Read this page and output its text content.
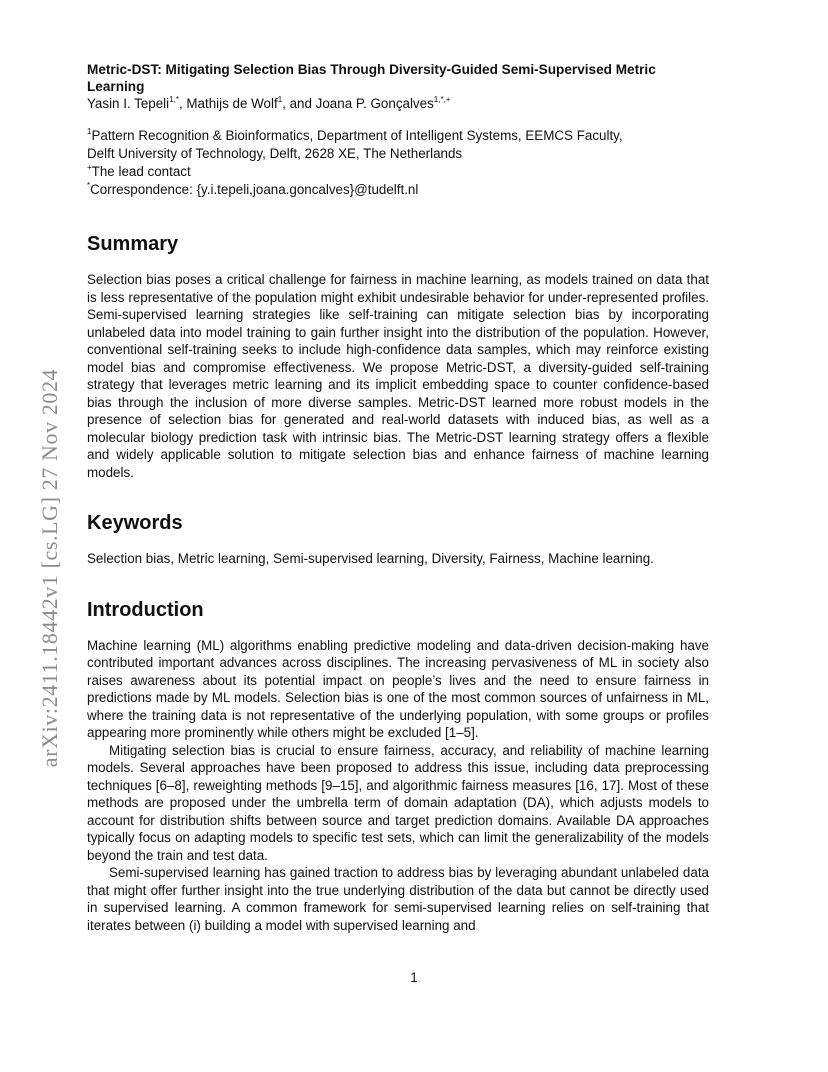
arXiv:2411.18442v1 [cs.LG] 27 Nov 2024
Metric-DST: Mitigating Selection Bias Through Diversity-Guided Semi-Supervised Metric Learning

Yasin I. Tepeli$^{1,*}$, Mathijs de Wolf$^1$, and Joana P. Gonçalves$^{1,*,+}$

$^1$Pattern Recognition & Bioinformatics, Department of Intelligent Systems, EEMCS Faculty,

Delft University of Technology, Delft, 2628 XE, The Netherlands

+The lead contact

*Correspondence: {y.i.tepeli,joana.goncalves}@tudelft.nl

Summary

Selection bias poses a critical challenge for fairness in machine learning, as models trained on data that is less representative of the population might exhibit undesirable behavior for under-represented profiles. Semi-supervised learning strategies like self-training can mitigate selection bias by incorporating unlabeled data into model training to gain further insight into the distribution of the population. However, conventional self-training seeks to include high-confidence data samples, which may reinforce existing model bias and compromise effectiveness. We propose Metric-DST, a diversity-guided self-training strategy that leverages metric learning and its implicit embedding space to counter confidence-based bias through the inclusion of more diverse samples. Metric-DST learned more robust models in the presence of selection bias for generated and real-world datasets with induced bias, as well as a molecular biology prediction task with intrinsic bias. The Metric-DST learning strategy offers a flexible and widely applicable solution to mitigate selection bias and enhance fairness of machine learning models.

Keywords

Selection bias, Metric learning, Semi-supervised learning, Diversity, Fairness, Machine learning.

Introduction

Machine learning (ML) algorithms enabling predictive modeling and data-driven decision-making have contributed important advances across disciplines. The increasing pervasiveness of ML in society also raises awareness about its potential impact on people’s lives and the need to ensure fairness in predictions made by ML models. Selection bias is one of the most common sources of unfairness in ML, where the training data is not representative of the underlying population, with some groups or profiles appearing more prominently while others might be excluded [1–5].

Mitigating selection bias is crucial to ensure fairness, accuracy, and reliability of machine learning models. Several approaches have been proposed to address this issue, including data preprocessing techniques [6–8], reweighting methods [9–15], and algorithmic fairness measures [16, 17]. Most of these methods are proposed under the umbrella term of domain adaptation (DA), which adjusts models to account for distribution shifts between source and target prediction domains. Available DA approaches typically focus on adapting models to specific test sets, which can limit the generalizability of the models beyond the train and test data.

Semi-supervised learning has gained traction to address bias by leveraging abundant unlabeled data that might offer further insight into the true underlying distribution of the data but cannot be directly used in supervised learning. A common framework for semi-supervised learning relies on self-training that iterates between (i) building a model with supervised learning and

1
